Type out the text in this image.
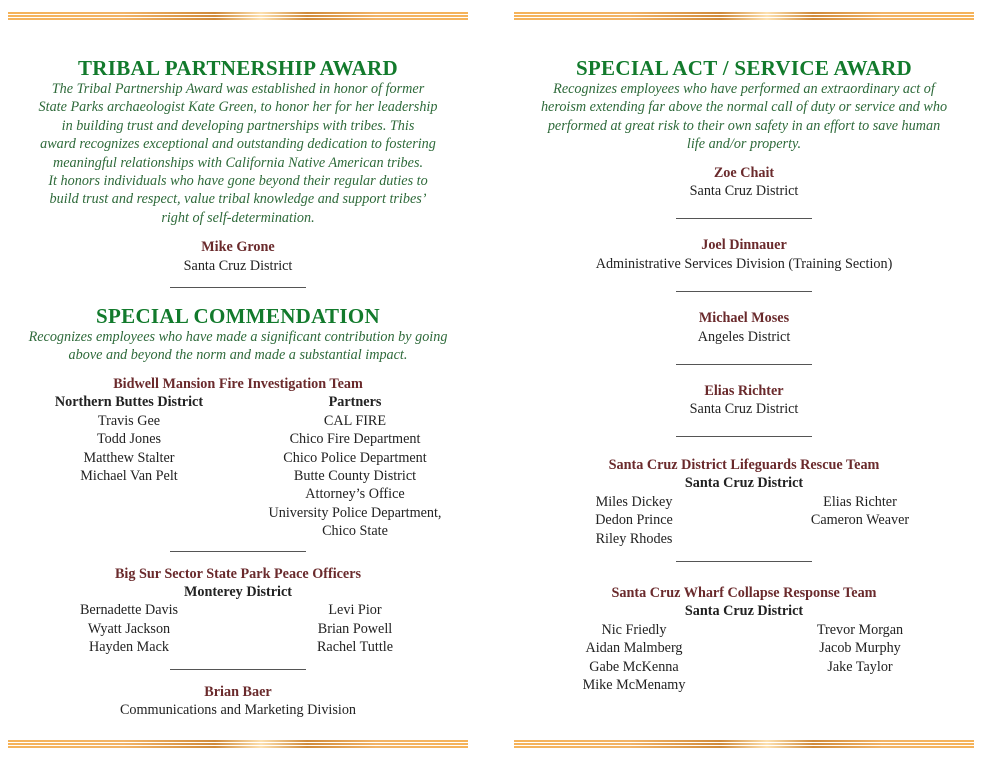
TRIBAL PARTNERSHIP AWARD
The Tribal Partnership Award was established in honor of former
State Parks archaeologist Kate Green, to honor her for her leadership
in building trust and developing partnerships with tribes. This
award recognizes exceptional and outstanding dedication to fostering
meaningful relationships with California Native American tribes.
It honors individuals who have gone beyond their regular duties to
build trust and respect, value tribal knowledge and support tribes’
right of self-determination.
Mike Grone
Santa Cruz District
SPECIAL COMMENDATION
Recognizes employees who have made a significant contribution by going
above and beyond the norm and made a substantial impact.
Bidwell Mansion Fire Investigation Team
Northern Buttes District
Travis Gee
Todd Jones
Matthew Stalter
Michael Van Pelt
Partners
CAL FIRE
Chico Fire Department
Chico Police Department
Butte County District
Attorney’s Office
University Police Department,
Chico State
Big Sur Sector State Park Peace Officers
Monterey District
Bernadette Davis
Wyatt Jackson
Hayden Mack
Levi Pior
Brian Powell
Rachel Tuttle
Brian Baer
Communications and Marketing Division
SPECIAL ACT / SERVICE AWARD
Recognizes employees who have performed an extraordinary act of
heroism extending far above the normal call of duty or service and who
performed at great risk to their own safety in an effort to save human
life and/or property.
Zoe Chait
Santa Cruz District
Joel Dinnauer
Administrative Services Division (Training Section)
Michael Moses
Angeles District
Elias Richter
Santa Cruz District
Santa Cruz District Lifeguards Rescue Team
Santa Cruz District
Miles Dickey
Dedon Prince
Riley Rhodes
Elias Richter
Cameron Weaver
Santa Cruz Wharf Collapse Response Team
Santa Cruz District
Nic Friedly
Aidan Malmberg
Gabe McKenna
Mike McMenamy
Trevor Morgan
Jacob Murphy
Jake Taylor
